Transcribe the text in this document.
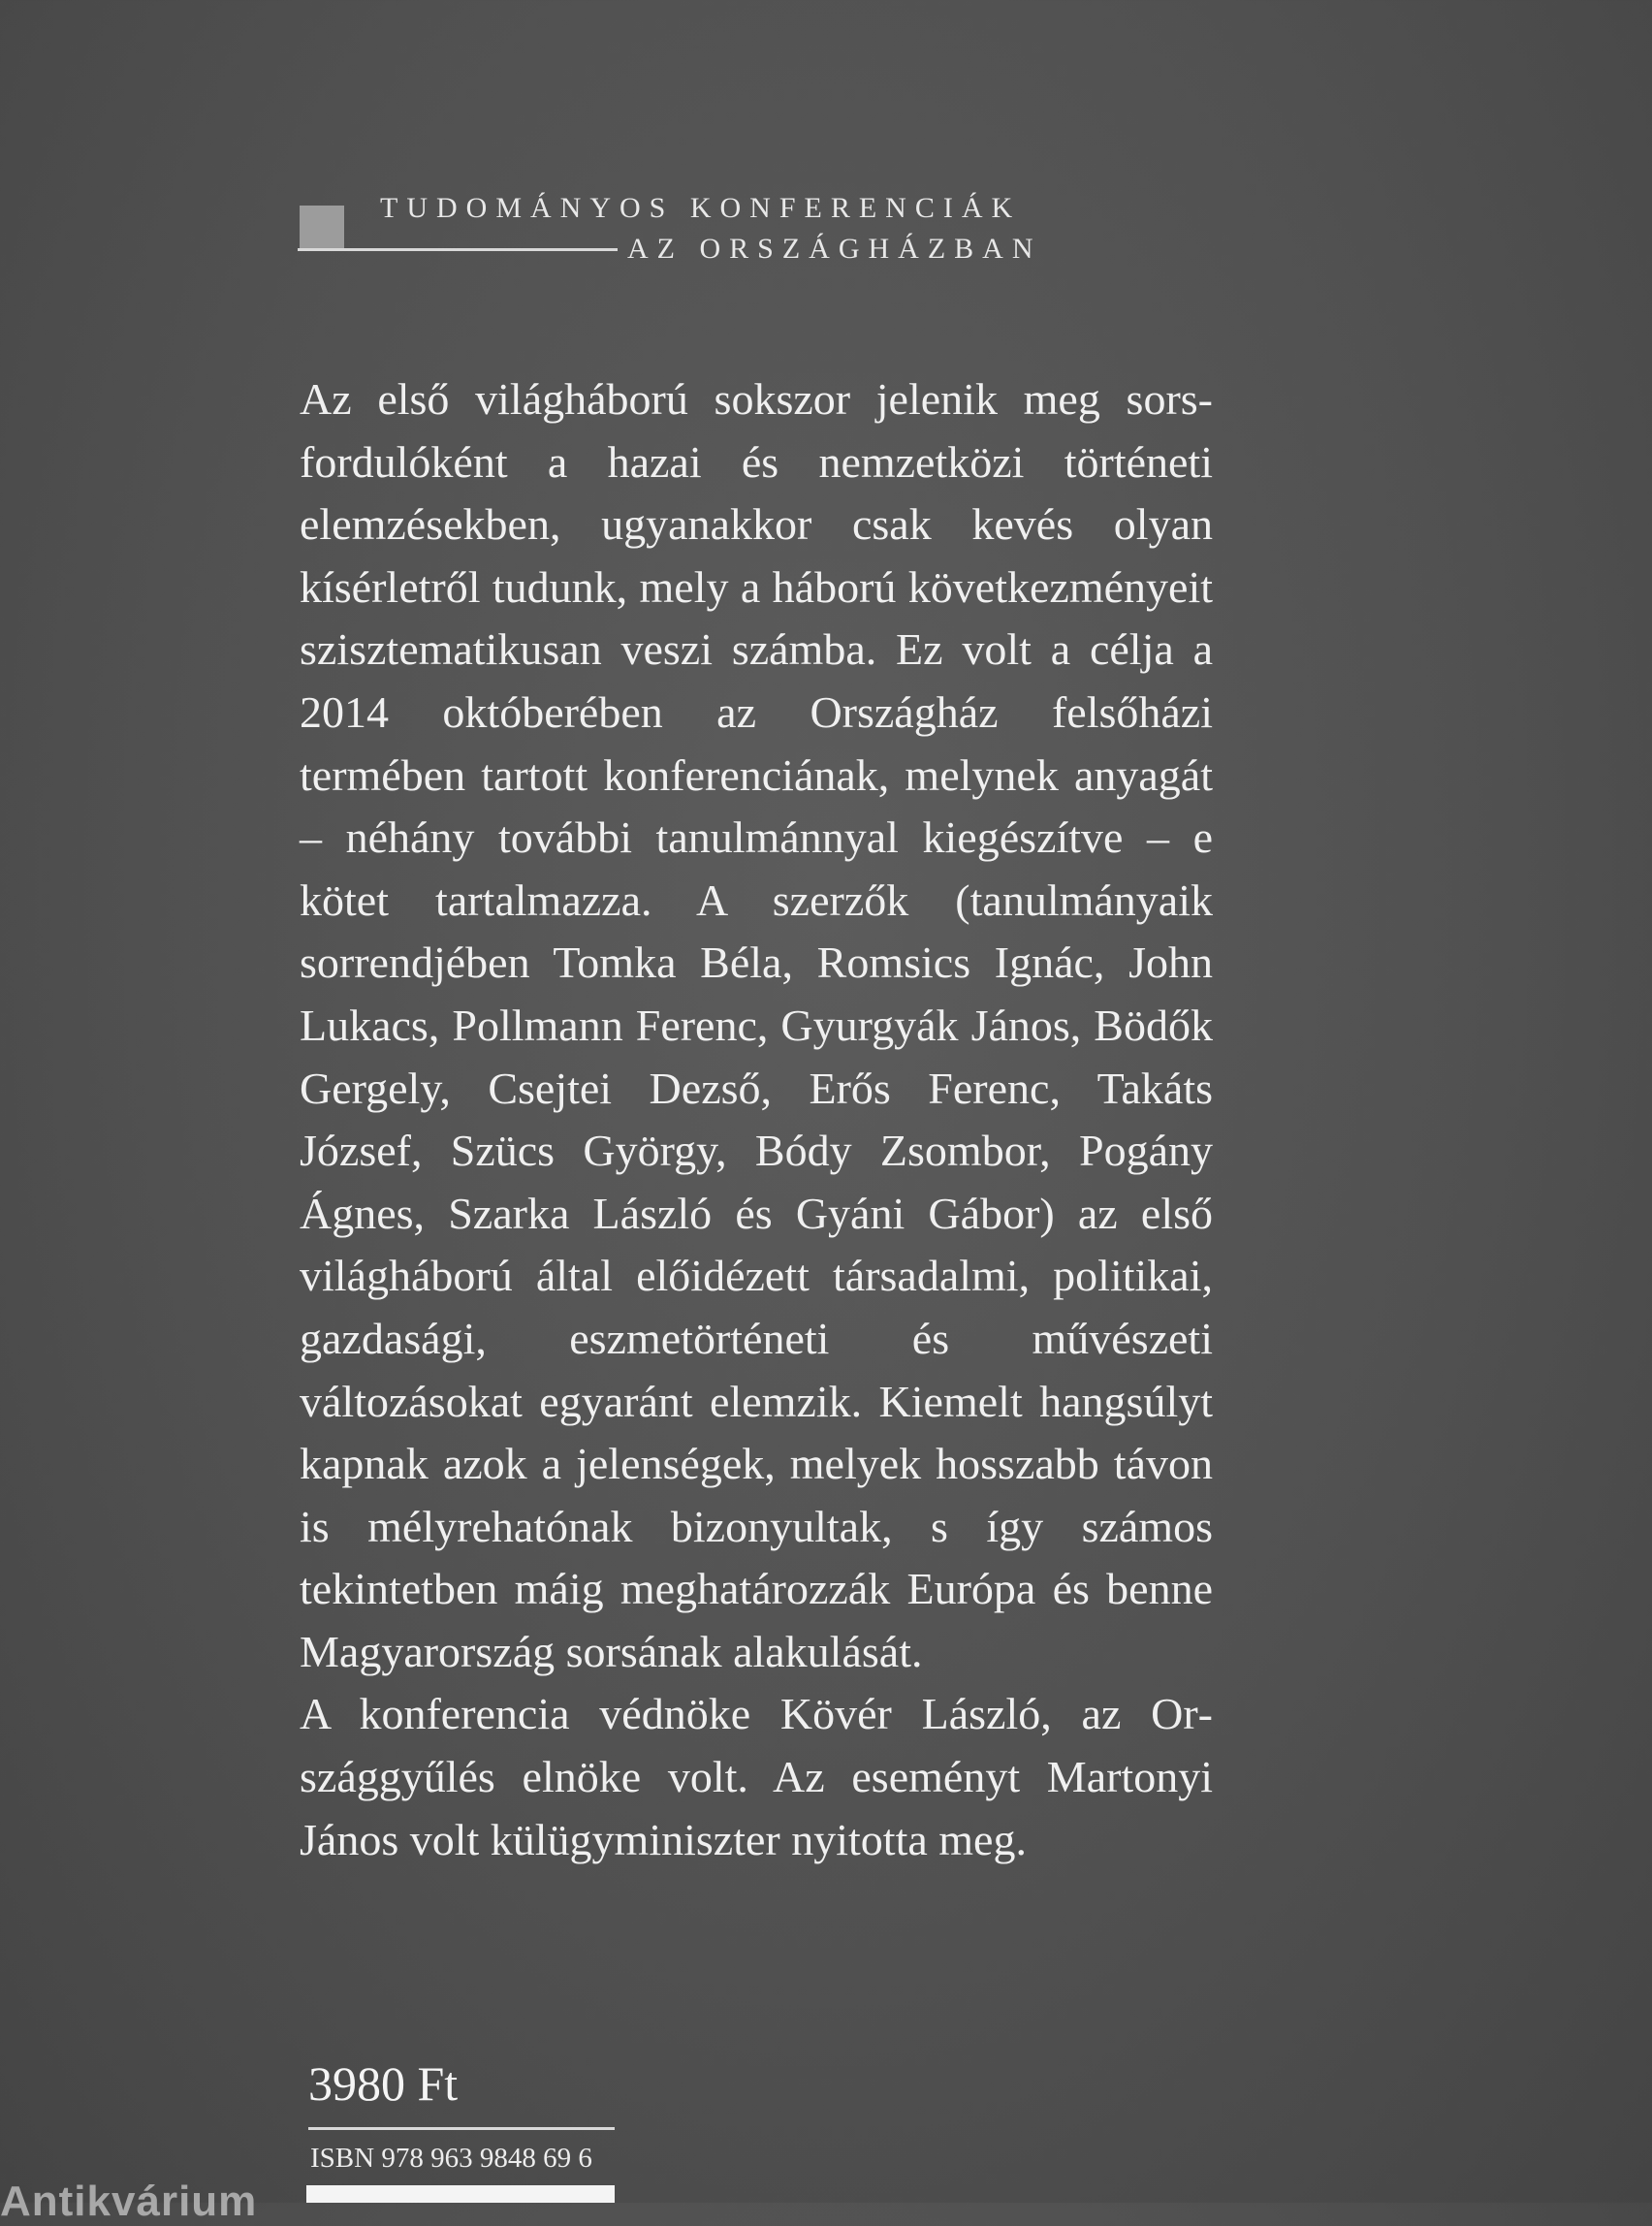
TUDOMÁNYOS KONFERENCIÁK
AZ ORSZÁGHÁZBAN

Az első világháború sokszor jelenik meg sorsfordulóként a hazai és nemzetközi történeti elemzésekben, ugyanakkor csak kevés olyan kísérletről tudunk, mely a háború következményeit szisztematikusan veszi számba. Ez volt a célja a 2014 októberében az Országház felsőházi termében tartott konferenciának, melynek anyagát – néhány további tanulmánnyal kiegészítve – e kötet tartalmazza. A szerzők (tanulmányaik sorrendjében Tomka Béla, Romsics Ignác, John Lukacs, Pollmann Ferenc, Gyurgyák János, Bödők Gergely, Csejtei Dezső, Erős Ferenc, Takáts József, Szücs György, Bódy Zsombor, Pogány Ágnes, Szarka László és Gyáni Gábor) az első világháború által előidézett társadalmi, politikai, gazdasági, eszmetörténeti és művészeti változásokat egyaránt elemzik. Kiemelt hangsúlyt kapnak azok a jelenségek, melyek hosszabb távon is mélyrehatónak bizonyultak, s így számos tekintetben máig meghatározzák Európa és benne Magyarország sorsának alakulását.

A konferencia védnöke Kövér László, az Országgyűlés elnöke volt. Az eseményt Martonyi János volt külügyminiszter nyitotta meg.

3980 Ft
ISBN 978 963 9848 69 6
Antikvárium
